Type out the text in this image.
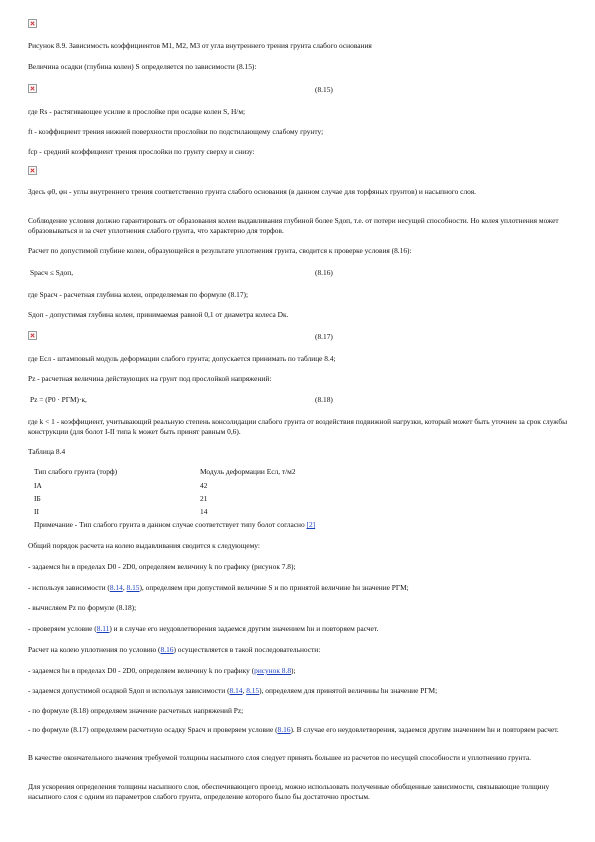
Рисунок 8.9. Зависимость коэффициентов M1, M2, M3 от угла внутреннего трения грунта слабого основания
Величина осадки (глубина колеи) S определяется по зависимости (8.15):
(8.15)
где Rs - растягивающее усилие в прослойке при осадке колеи S, Н/м;
ft - коэффициент трения нижней поверхности прослойки по подстилающему слабому грунту;
fср - средний коэффициент трения прослойки по грунту сверху и снизу:
Здесь φ0, φн - углы внутреннего трения соответственно грунта слабого основания (в данном случае для торфяных грунтов) и насыпного слоя.
Соблюдение условия должно гарантировать от образования колеи выдавливания глубиной более Sдоп, т.е. от потери несущей способности. Но колея уплотнения может образовываться и за счет уплотнения слабого грунта, что характерно для торфов.
Расчет по допустимой глубине колеи, образующейся в результате уплотнения грунта, сводится к проверке условия (8.16):
Sрасч ≤ Sдоп,	(8.16)
где Sрасч - расчетная глубина колеи, определяемая по формуле (8.17);
Sдоп - допустимая глубина колеи, принимаемая равной 0,1 от диаметра колеса Dк.
(8.17)
где Eсл - штамповый модуль деформации слабого грунта; допускается принимать по таблице 8.4;
Pz - расчетная величина действующих на грунт под прослойкой напряжений:
Pz = (P0 · PГМ)·к,	(8.18)
где k < 1 - коэффициент, учитывающий реальную степень консолидации слабого грунта от воздействия подвижной нагрузки, который может быть уточнен за срок службы конструкции (для болот I-II типа k может быть принят равным 0,6).
Таблица 8.4
Тип слабого грунта (торф)	Модуль деформации Eсл, т/м2
IA	42
IБ	21
II	14
Примечание - Тип слабого грунта в данном случае соответствует типу болот согласно [2]
Общий порядок расчета на колею выдавливания сводится к следующему:
- задаемся hн в пределах D0 - 2D0, определяем величину k по графику (рисунок 7.8);
- используя зависимости (8.14, 8.15), определяем при допустимой величине S и по принятой величине hн значение PГМ;
- вычисляем Pz по формуле (8.18);
- проверяем условие (8.11) и в случае его неудовлетворения задаемся другим значением hн и повторяем расчет.
Расчет на колею уплотнения по условию (8.16) осуществляется в такой последовательности:
- задаемся hн в пределах D0 - 2D0, определяем величину k по графику (рисунок 8.8);
- задаемся допустимой осадкой Sдоп и используя зависимости (8.14, 8.15), определяем для принятой величины hн значение PГМ;
- по формуле (8.18) определяем значение расчетных напряжений Pz;
- по формуле (8.17) определяем расчетную осадку Sрасч и проверяем условие (8.16). В случае его неудовлетворения, задаемся другим значением hн и повторяем расчет.
В качестве окончательного значения требуемой толщины насыпного слоя следует принять большее из расчетов по несущей способности и уплотнению грунта.
Для ускорения определения толщины насыпного слоя, обеспечивающего проезд, можно использовать полученные обобщенные зависимости, связывающие толщину насыпного слоя с одним из параметров слабого грунта, определение которого было бы достаточно простым.
